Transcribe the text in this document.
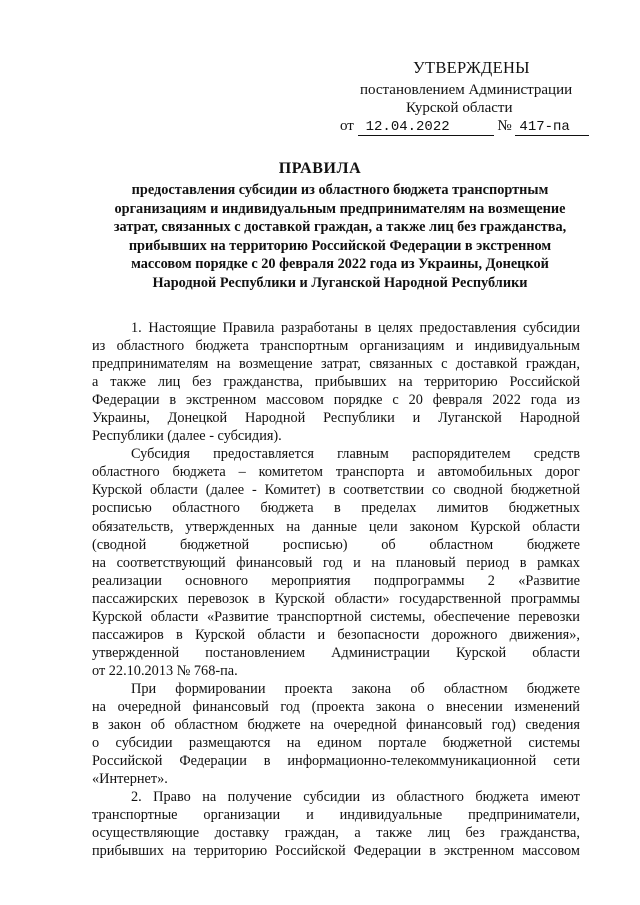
УТВЕРЖДЕНЫ
постановлением Администрации
Курской области
от 12.04.2022	№ 417-па
ПРАВИЛА
предоставления субсидии из областного бюджета транспортным
организациям и индивидуальным предпринимателям на возмещение
затрат, связанных с доставкой граждан, а также лиц без гражданства,
прибывших на территорию Российской Федерации в экстренном
массовом порядке с 20 февраля 2022 года из Украины, Донецкой
Народной Республики и Луганской Народной Республики
1. Настоящие Правила разработаны в целях предоставления субсидии
из областного бюджета транспортным организациям и индивидуальным
предпринимателям на возмещение затрат, связанных с доставкой граждан,
а также лиц без гражданства, прибывших на территорию Российской
Федерации в экстренном массовом порядке с 20 февраля 2022 года из
Украины, Донецкой Народной Республики и Луганской Народной
Республики (далее - субсидия).
Субсидия предоставляется главным распорядителем средств
областного бюджета – комитетом транспорта и автомобильных дорог
Курской области (далее - Комитет) в соответствии со сводной бюджетной
росписью областного бюджета в пределах лимитов бюджетных
обязательств, утвержденных на данные цели законом Курской области
(сводной бюджетной росписью) об областном бюджете
на соответствующий финансовый год и на плановый период в рамках
реализации основного мероприятия подпрограммы 2 «Развитие
пассажирских перевозок в Курской области» государственной программы
Курской области «Развитие транспортной системы, обеспечение перевозки
пассажиров в Курской области и безопасности дорожного движения»,
утвержденной постановлением Администрации Курской области
от 22.10.2013 № 768-па.
При формировании проекта закона об областном бюджете
на очередной финансовый год (проекта закона о внесении изменений
в закон об областном бюджете на очередной финансовый год) сведения
о субсидии размещаются на едином портале бюджетной системы
Российской Федерации в информационно-телекоммуникационной сети
«Интернет».
2. Право на получение субсидии из областного бюджета имеют
транспортные организации и индивидуальные предприниматели,
осуществляющие доставку граждан, а также лиц без гражданства,
прибывших на территорию Российской Федерации в экстренном массовом
